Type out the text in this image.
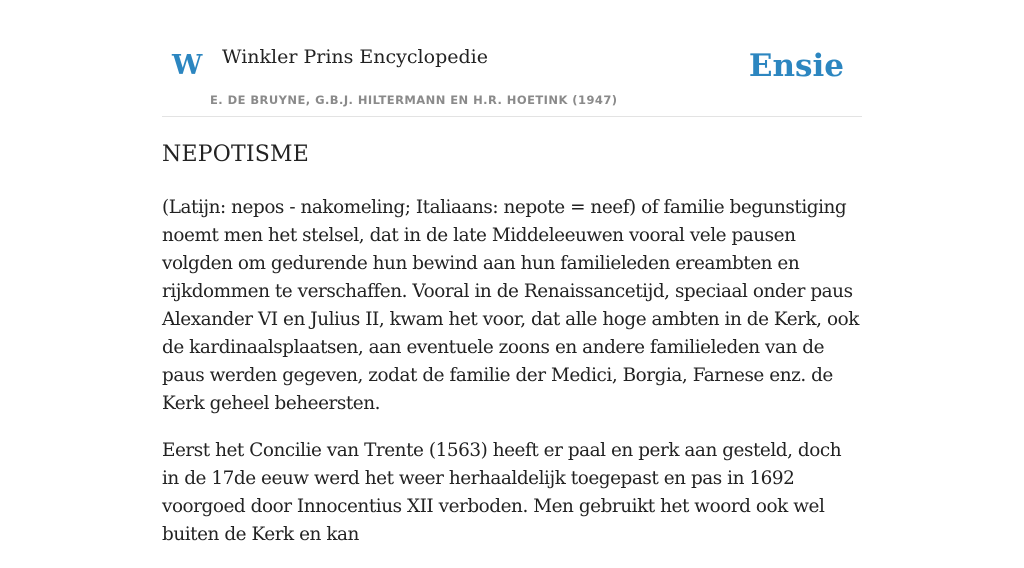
W Winkler Prins Encyclopedie
E. DE BRUYNE, G.B.J. HILTERMANN EN H.R. HOETINK (1947)
Ensie
NEPOTISME

(Latijn: nepos - nakomeling; Italiaans: nepote = neef) of familie begunstiging noemt men het stelsel, dat in de late Middeleeuwen vooral vele pausen volgden om gedurende hun bewind aan hun familieleden ereambten en rijkdommen te verschaffen. Vooral in de Renaissancetijd, speciaal onder paus Alexander VI en Julius II, kwam het voor, dat alle hoge ambten in de Kerk, ook de kardinaalsplaatsen, aan eventuele zoons en andere familieleden van de paus werden gegeven, zodat de familie der Medici, Borgia, Farnese enz. de Kerk geheel beheersten.

Eerst het Concilie van Trente (1563) heeft er paal en perk aan gesteld, doch in de 17de eeuw werd het weer herhaaldelijk toegepast en pas in 1692 voorgoed door Innocentius XII verboden. Men gebruikt het woord ook wel buiten de Kerk en kan
